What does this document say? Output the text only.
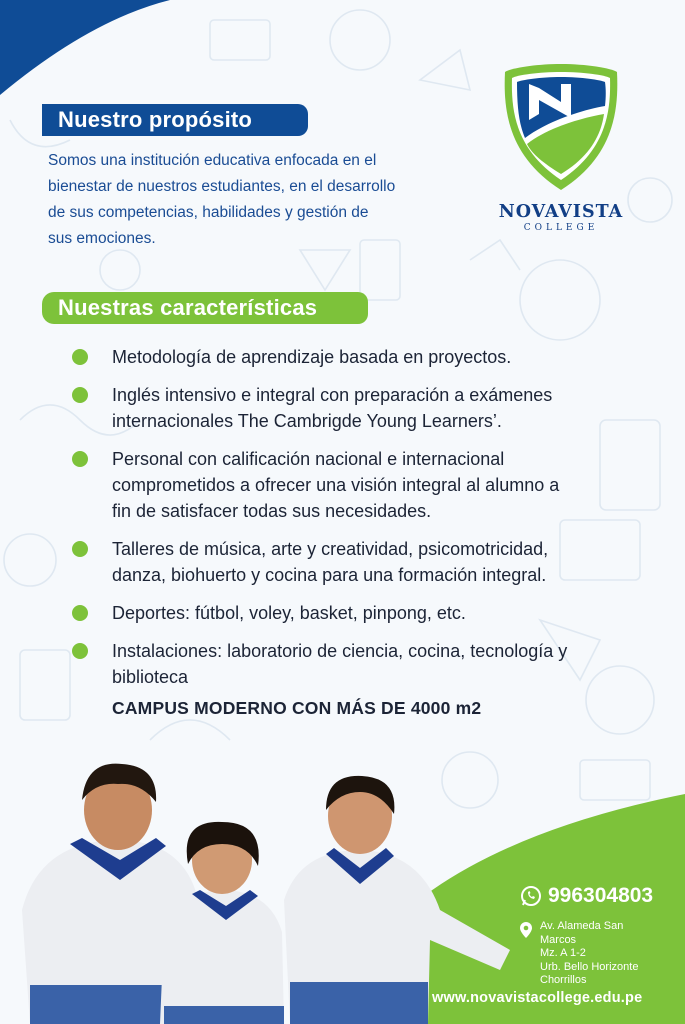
Nuestro propósito
Somos una institución educativa enfocada en el
bienestar de nuestros estudiantes, en el desarrollo
de sus competencias, habilidades y gestión de
sus emociones.
NOVAVISTA
COLLEGE
Nuestras características
Metodología de aprendizaje basada en proyectos.
Inglés intensivo e integral con preparación a exámenes
internacionales The Cambrigde Young Learners’.
Personal con calificación nacional e internacional
comprometidos a ofrecer una visión integral al alumno a
fin de satisfacer todas sus necesidades.
Talleres de música, arte y creatividad, psicomotricidad,
danza, biohuerto y cocina para una formación integral.
Deportes: fútbol, voley, basket, pinpong, etc.
Instalaciones: laboratorio de ciencia, cocina, tecnología y
biblioteca
CAMPUS MODERNO CON MÁS DE 4000 m2
996304803
Av. Alameda San Marcos
Mz. A 1-2
Urb. Bello Horizonte
Chorrillos
www.novavistacollege.edu.pe
